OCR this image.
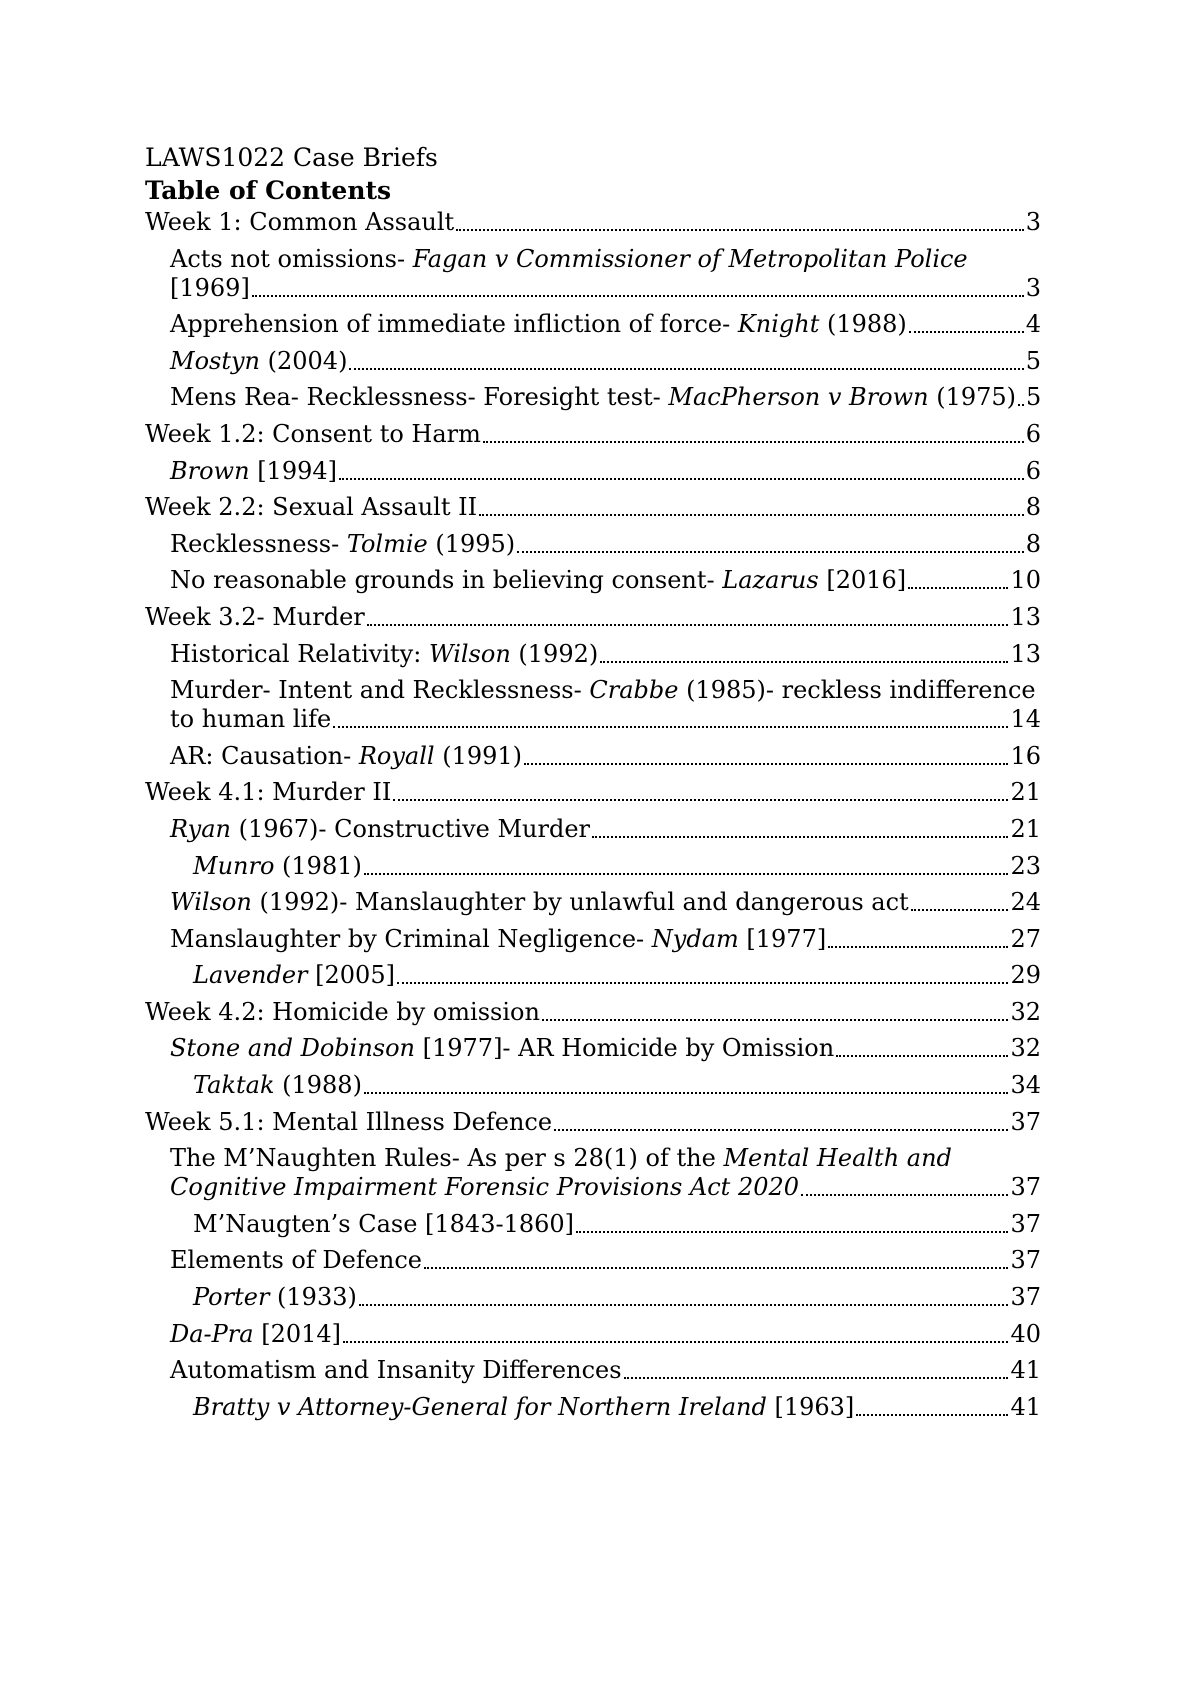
LAWS1022 Case Briefs
Table of Contents
Week 1: Common Assault	3
Acts not omissions- Fagan v Commissioner of Metropolitan Police
[1969]	3
Apprehension of immediate infliction of force- Knight (1988)	4
Mostyn (2004)	5
Mens Rea- Recklessness- Foresight test- MacPherson v Brown (1975) 5
Week 1.2: Consent to Harm	6
Brown [1994]	6
Week 2.2: Sexual Assault II	8
Recklessness- Tolmie (1995)	8
No reasonable grounds in believing consent- Lazarus [2016]	10
Week 3.2- Murder	13
Historical Relativity: Wilson (1992)	13
Murder- Intent and Recklessness- Crabbe (1985)- reckless indifference
to human life	14
AR: Causation- Royall (1991)	16
Week 4.1: Murder II	21
Ryan (1967)- Constructive Murder	21
Munro (1981)	23
Wilson (1992)- Manslaughter by unlawful and dangerous act	24
Manslaughter by Criminal Negligence- Nydam [1977]	27
Lavender [2005]	29
Week 4.2: Homicide by omission	32
Stone and Dobinson [1977]- AR Homicide by Omission	32
Taktak (1988)	34
Week 5.1: Mental Illness Defence	37
The M’Naughten Rules- As per s 28(1) of the Mental Health and
Cognitive Impairment Forensic Provisions Act 2020	37
M’Naugten’s Case [1843-1860]	37
Elements of Defence	37
Porter (1933)	37
Da-Pra [2014]	40
Automatism and Insanity Differences	41
Bratty v Attorney-General for Northern Ireland [1963]	41
